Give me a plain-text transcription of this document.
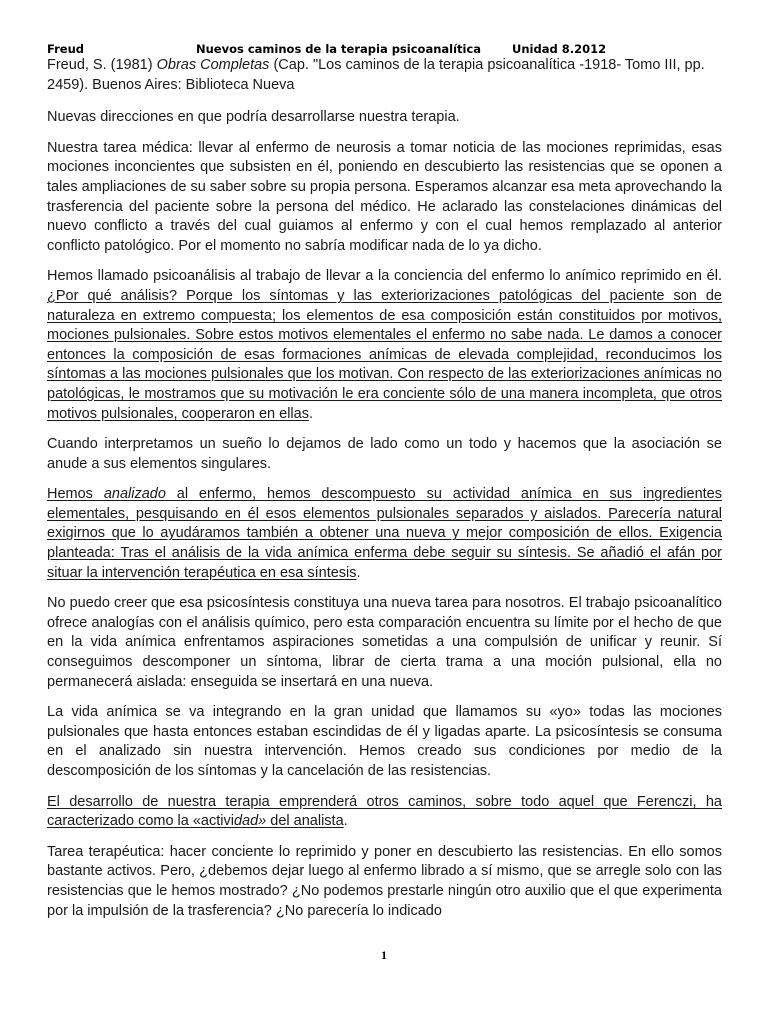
Freud	Nuevos caminos de la terapia psicoanalítica	Unidad 8.2012

Freud, S. (1981) Obras Completas (Cap. "Los caminos de la terapia psicoanalítica -1918- Tomo III, pp. 2459). Buenos Aires: Biblioteca Nueva

Nuevas direcciones en que podría desarrollarse nuestra terapia.

Nuestra tarea médica: llevar al enfermo de neurosis a tomar noticia de las mociones reprimidas, esas mociones inconcientes que subsisten en él, poniendo en descubierto las resistencias que se oponen a tales ampliaciones de su saber sobre su propia persona. Esperamos alcanzar esa meta aprovechando la trasferencia del paciente sobre la persona del médico. He aclarado las constelaciones dinámicas del nuevo conflicto a través del cual guiamos al enfermo y con el cual hemos remplazado al anterior conflicto patológico. Por el momento no sabría modificar nada de lo ya dicho.

Hemos llamado psicoanálisis al trabajo de llevar a la conciencia del enfermo lo anímico reprimido en él. ¿Por qué análisis? Porque los síntomas y las exteriorizaciones patológicas del paciente son de naturaleza en extremo compuesta; los elementos de esa composición están constituidos por motivos, mociones pulsionales. Sobre estos motivos elementales el enfermo no sabe nada. Le damos a conocer entonces la composición de esas formaciones anímicas de elevada complejidad, reconducimos los síntomas a las mociones pulsionales que los motivan. Con respecto de las exteriorizaciones anímicas no patológicas, le mostramos que su motivación le era conciente sólo de una manera incompleta, que otros motivos pulsionales, cooperaron en ellas.

Cuando interpretamos un sueño lo dejamos de lado como un todo y hacemos que la asociación se anude a sus elementos singulares.

Hemos analizado al enfermo, hemos descompuesto su actividad anímica en sus ingredientes elementales, pesquisando en él esos elementos pulsionales separados y aislados. Parecería natural exigirnos que lo ayudáramos también a obtener una nueva y mejor composición de ellos. Exigencia planteada: Tras el análisis de la vida anímica enferma debe seguir su síntesis. Se añadió el afán por situar la intervención terapéutica en esa síntesis.

No puedo creer que esa psicosíntesis constituya una nueva tarea para nosotros. El trabajo psicoanalítico ofrece analogías con el análisis químico, pero esta comparación encuentra su límite por el hecho de que en la vida anímica enfrentamos aspiraciones sometidas a una compulsión de unificar y reunir. Sí conseguimos descomponer un síntoma, librar de cierta trama a una moción pulsional, ella no permanecerá aislada: enseguida se insertará en una nueva.

La vida anímica se va integrando en la gran unidad que llamamos su «yo» todas las mociones pulsionales que hasta entonces estaban escindidas de él y ligadas aparte. La psicosíntesis se consuma en el analizado sin nuestra intervención. Hemos creado sus condiciones por medio de la descomposición de los síntomas y la cancelación de las resistencias.

El desarrollo de nuestra terapia emprenderá otros caminos, sobre todo aquel que Ferenczi, ha caracterizado como la «actividad» del analista.

Tarea terapéutica: hacer conciente lo reprimido y poner en descubierto las resistencias. En ello somos bastante activos. Pero, ¿debemos dejar luego al enfermo librado a sí mismo, que se arregle solo con las resistencias que le hemos mostrado? ¿No podemos prestarle ningún otro auxilio que el que experimenta por la impulsión de la trasferencia? ¿No parecería lo indicado

1
